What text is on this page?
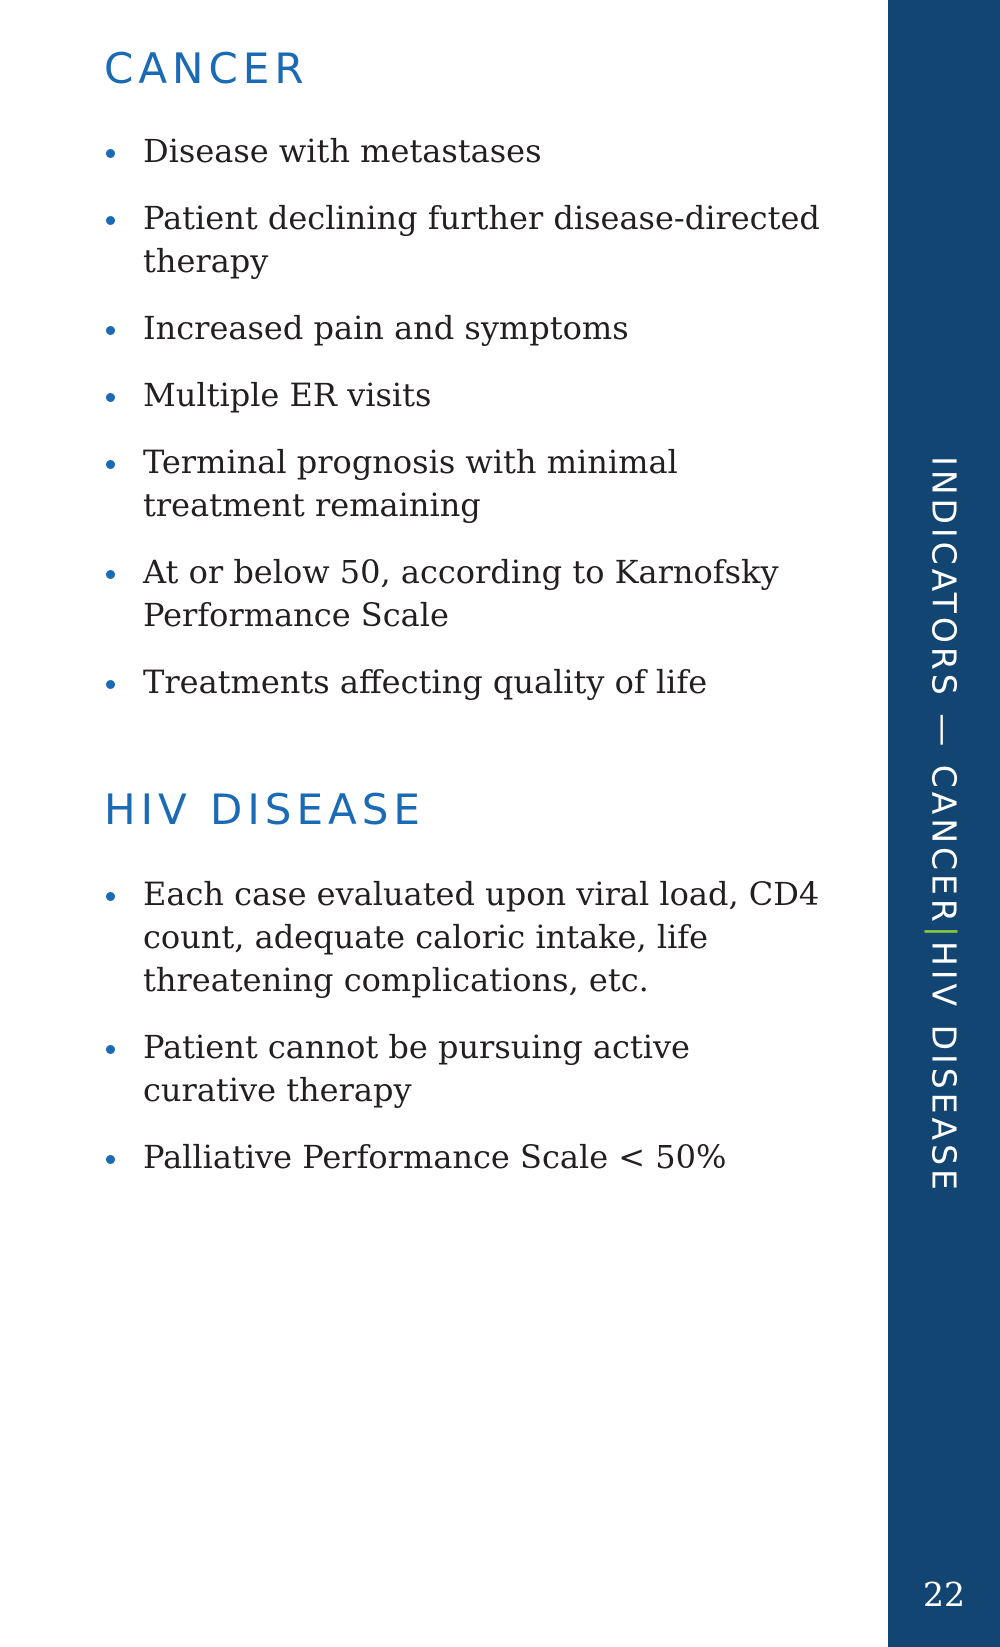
CANCER
Disease with metastases
Patient declining further disease-directed therapy
Increased pain and symptoms
Multiple ER visits
Terminal prognosis with minimal treatment remaining
At or below 50, according to Karnofsky Performance Scale
Treatments affecting quality of life
HIV DISEASE
Each case evaluated upon viral load, CD4 count, adequate caloric intake, life threatening complications, etc.
Patient cannot be pursuing active curative therapy
Palliative Performance Scale < 50%
INDICATORS — CANCER|HIV DISEASE
22
